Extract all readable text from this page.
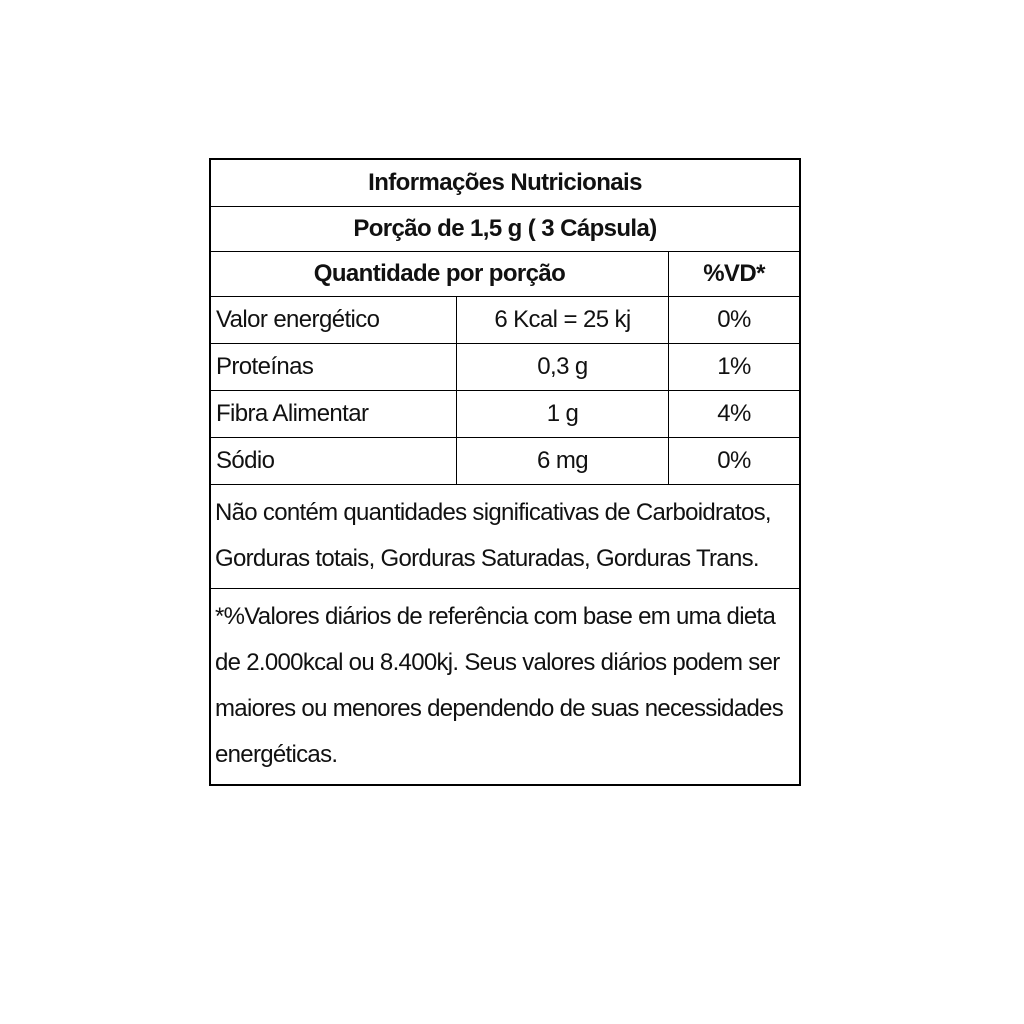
Informações Nutricionais
Porção de 1,5 g ( 3 Cápsula)
Quantidade por porção	%VD*
Valor energético	6 Kcal = 25 kj	0%
Proteínas	0,3 g	1%
Fibra Alimentar	1 g	4%
Sódio	6 mg	0%
Não contém quantidades significativas de Carboidratos,
Gorduras totais, Gorduras Saturadas, Gorduras Trans.
*%Valores diários de referência com base em uma dieta
de 2.000kcal ou 8.400kj. Seus valores diários podem ser
maiores ou menores dependendo de suas necessidades
energéticas.
